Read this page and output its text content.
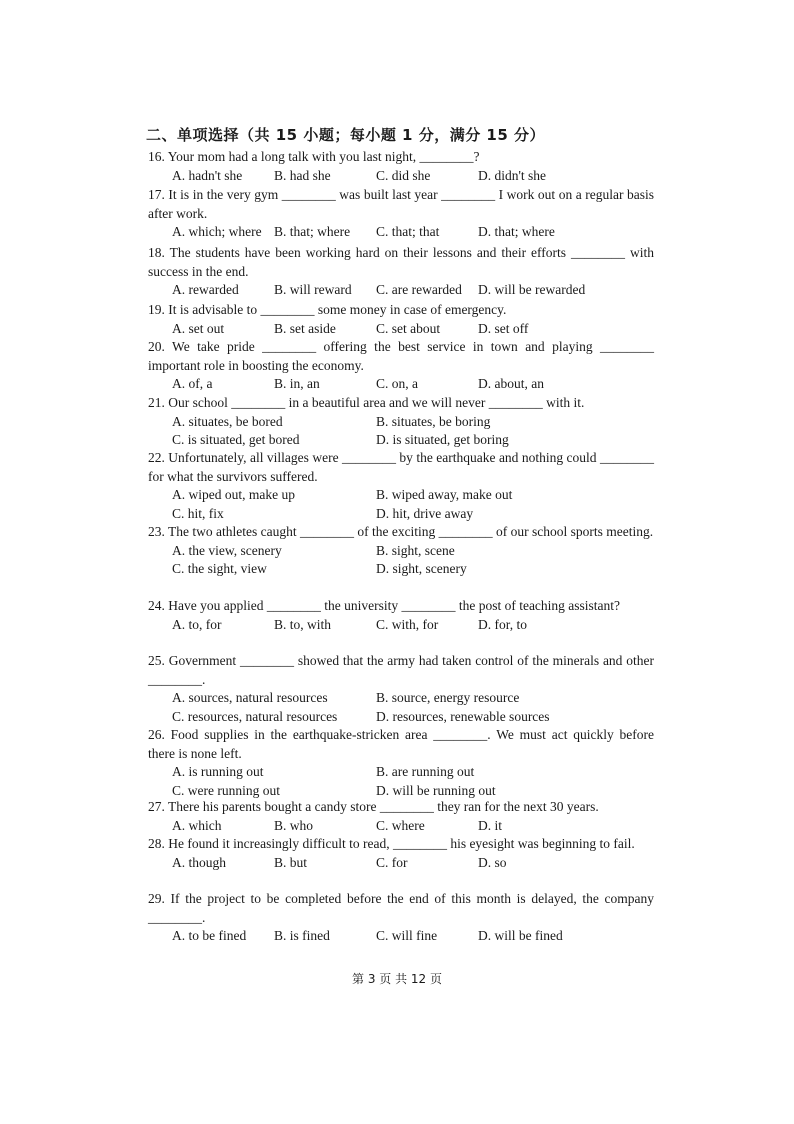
二、单项选择（共 15 小题；每小题 1 分，满分 15 分）
16. Your mom had a long talk with you last night, ________?
A. hadn't she B. had she	C. did she	D. didn't she
17. It is in the very gym ________ was built last year ________ I work out on a regular basis after work.
A. which; where B. that; where C. that; that	D. that; where
18. The students have been working hard on their lessons and their efforts ________ with success in the end.
A. rewarded	B. will reward C. are rewarded D. will be rewarded
19. It is advisable to ________ some money in case of emergency.
A. set out	B. set aside	C. set about	D. set off
20. We take pride ________ offering the best service in town and playing ________ important role in boosting the economy.
A. of, a	B. in, an	C. on, a	D. about, an
21. Our school ________ in a beautiful area and we will never ________ with it.
A. situates, be bored	B. situates, be boring
C. is situated, get bored	D. is situated, get boring
22. Unfortunately, all villages were ________ by the earthquake and nothing could ________ for what the survivors suffered.
A. wiped out, make up	B. wiped away, make out
C. hit, fix	D. hit, drive away
23. The two athletes caught ________ of the exciting ________ of our school sports meeting.
A. the view, scenery	B. sight, scene
C. the sight, view	D. sight, scenery
24. Have you applied ________ the university ________ the post of teaching assistant?
A. to, for	B. to, with	C. with, for	D. for, to
25. Government ________ showed that the army had taken control of the minerals and other ________.
A. sources, natural resources	B. source, energy resource
C. resources, natural resources	D. resources, renewable sources
26. Food supplies in the earthquake-stricken area ________. We must act quickly before there is none left.
A. is running out	B. are running out
C. were running out	D. will be running out
27. There his parents bought a candy store ________ they ran for the next 30 years.
A. which	B. who	C. where	D. it
28. He found it increasingly difficult to read, ________ his eyesight was beginning to fail.
A. though	B. but	C. for	D. so
29. If the project to be completed before the end of this month is delayed, the company ________.
A. to be fined B. is fined	C. will fine	D. will be fined
第 3 页 共 12 页
